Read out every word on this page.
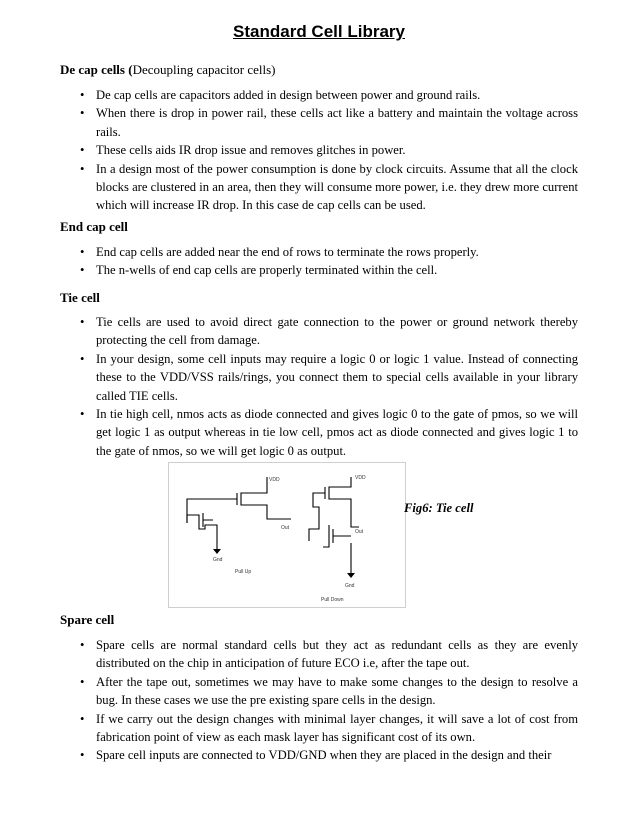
Standard Cell Library

De cap cells (Decoupling capacitor cells)

• De cap cells are capacitors added in design between power and ground rails.
• When there is drop in power rail, these cells act like a battery and maintain the voltage across rails.
• These cells aids IR drop issue and removes glitches in power.
• In a design most of the power consumption is done by clock circuits. Assume that all the clock blocks are clustered in an area, then they will consume more power, i.e. they drew more current which will increase IR drop. In this case de cap cells can be used.

End cap cell

• End cap cells are added near the end of rows to terminate the rows properly.
• The n-wells of end cap cells are properly terminated within the cell.

Tie cell

• Tie cells are used to avoid direct gate connection to the power or ground network thereby protecting the cell from damage.
• In your design, some cell inputs may require a logic 0 or logic 1 value. Instead of connecting these to the VDD/VSS rails/rings, you connect them to special cells available in your library called TIE cells.
• In tie high cell, nmos acts as diode connected and gives logic 0 to the gate of pmos, so we will get logic 1 as output whereas in tie low cell, pmos act as diode connected and gives logic 1 to the gate of nmos, so we will get logic 0 as output.
VDD
Out
Gnd
Pull Up
VDD
Out
Gnd
Pull Down
Fig6: Tie cell

Spare cell

• Spare cells are normal standard cells but they act as redundant cells as they are evenly distributed on the chip in anticipation of future ECO i.e, after the tape out.
• After the tape out, sometimes we may have to make some changes to the design to resolve a bug. In these cases we use the pre existing spare cells in the design.
• If we carry out the design changes with minimal layer changes, it will save a lot of cost from fabrication point of view as each mask layer has significant cost of its own.
• Spare cell inputs are connected to VDD/GND when they are placed in the design and their
